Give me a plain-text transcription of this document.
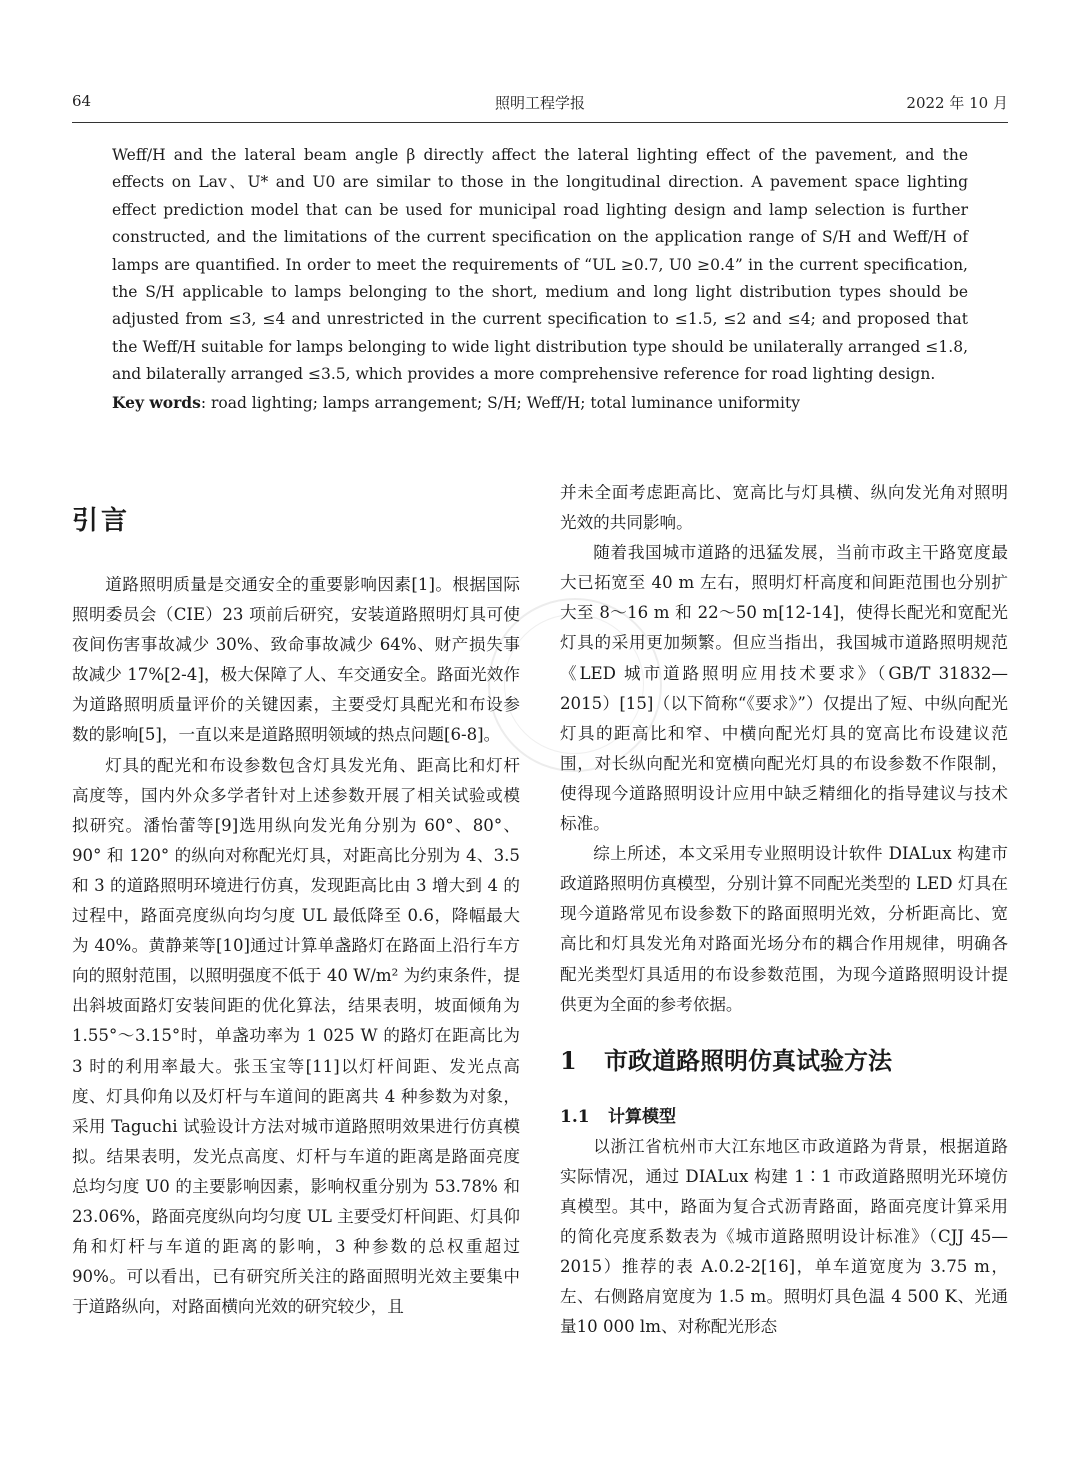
64	照明工程学报	2022 年 10 月

Weff/H and the lateral beam angle β directly affect the lateral lighting effect of the pavement, and the effects on Lav、U* and U0 are similar to those in the longitudinal direction. A pavement space lighting effect prediction model that can be used for municipal road lighting design and lamp selection is further constructed, and the limitations of the current specification on the application range of S/H and Weff/H of lamps are quantified. In order to meet the requirements of “UL ≥0.7, U0 ≥0.4” in the current specification, the S/H applicable to lamps belonging to the short, medium and long light distribution types should be adjusted from ≤3, ≤4 and unrestricted in the current specification to ≤1.5, ≤2 and ≤4; and proposed that the Weff/H suitable for lamps belonging to wide light distribution type should be unilaterally arranged ≤1.8, and bilaterally arranged ≤3.5, which provides a more comprehensive reference for road lighting design.

Key words: road lighting; lamps arrangement; S/H; Weff/H; total luminance uniformity

引言

道路照明质量是交通安全的重要影响因素[1]。根据国际照明委员会（CIE）23 项前后研究，安装道路照明灯具可使夜间伤害事故减少 30%、致命事故减少 64%、财产损失事故减少 17%[2-4]，极大保障了人、车交通安全。路面光效作为道路照明质量评价的关键因素，主要受灯具配光和布设参数的影响[5]，一直以来是道路照明领域的热点问题[6-8]。

灯具的配光和布设参数包含灯具发光角、距高比和灯杆高度等，国内外众多学者针对上述参数开展了相关试验或模拟研究。潘怡蕾等[9]选用纵向发光角分别为 60°、80°、90° 和 120° 的纵向对称配光灯具，对距高比分别为 4、3.5 和 3 的道路照明环境进行仿真，发现距高比由 3 增大到 4 的过程中，路面亮度纵向均匀度 UL 最低降至 0.6，降幅最大为 40%。黄静莱等[10]通过计算单盏路灯在路面上沿行车方向的照射范围，以照明强度不低于 40 W/m² 为约束条件，提出斜坡面路灯安装间距的优化算法，结果表明，坡面倾角为 1.55°～3.15°时，单盏功率为 1 025 W 的路灯在距高比为 3 时的利用率最大。张玉宝等[11]以灯杆间距、发光点高度、灯具仰角以及灯杆与车道间的距离共 4 种参数为对象，采用 Taguchi 试验设计方法对城市道路照明效果进行仿真模拟。结果表明，发光点高度、灯杆与车道的距离是路面亮度总均匀度 U0 的主要影响因素，影响权重分别为 53.78% 和 23.06%，路面亮度纵向均匀度 UL 主要受灯杆间距、灯具仰角和灯杆与车道的距离的影响，3 种参数的总权重超过 90%。可以看出，已有研究所关注的路面照明光效主要集中于道路纵向，对路面横向光效的研究较少，且

并未全面考虑距高比、宽高比与灯具横、纵向发光角对照明光效的共同影响。

随着我国城市道路的迅猛发展，当前市政主干路宽度最大已拓宽至 40 m 左右，照明灯杆高度和间距范围也分别扩大至 8～16 m 和 22～50 m[12-14]，使得长配光和宽配光灯具的采用更加频繁。但应当指出，我国城市道路照明规范《LED 城市道路照明应用技术要求》（GB/T 31832—2015）[15]（以下简称“《要求》”）仅提出了短、中纵向配光灯具的距高比和窄、中横向配光灯具的宽高比布设建议范围，对长纵向配光和宽横向配光灯具的布设参数不作限制，使得现今道路照明设计应用中缺乏精细化的指导建议与技术标准。

综上所述，本文采用专业照明设计软件 DIALux 构建市政道路照明仿真模型，分别计算不同配光类型的 LED 灯具在现今道路常见布设参数下的路面照明光效，分析距高比、宽高比和灯具发光角对路面光场分布的耦合作用规律，明确各配光类型灯具适用的布设参数范围，为现今道路照明设计提供更为全面的参考依据。

1 市政道路照明仿真试验方法
1.1 计算模型

以浙江省杭州市大江东地区市政道路为背景，根据道路实际情况，通过 DIALux 构建 1∶1 市政道路照明光环境仿真模型。其中，路面为复合式沥青路面，路面亮度计算采用的简化亮度系数表为《城市道路照明设计标准》（CJJ 45—2015）推荐的表 A.0.2-2[16]，单车道宽度为 3.75 m，左、右侧路肩宽度为 1.5 m。照明灯具色温 4 500 K、光通量10 000 lm、对称配光形态
